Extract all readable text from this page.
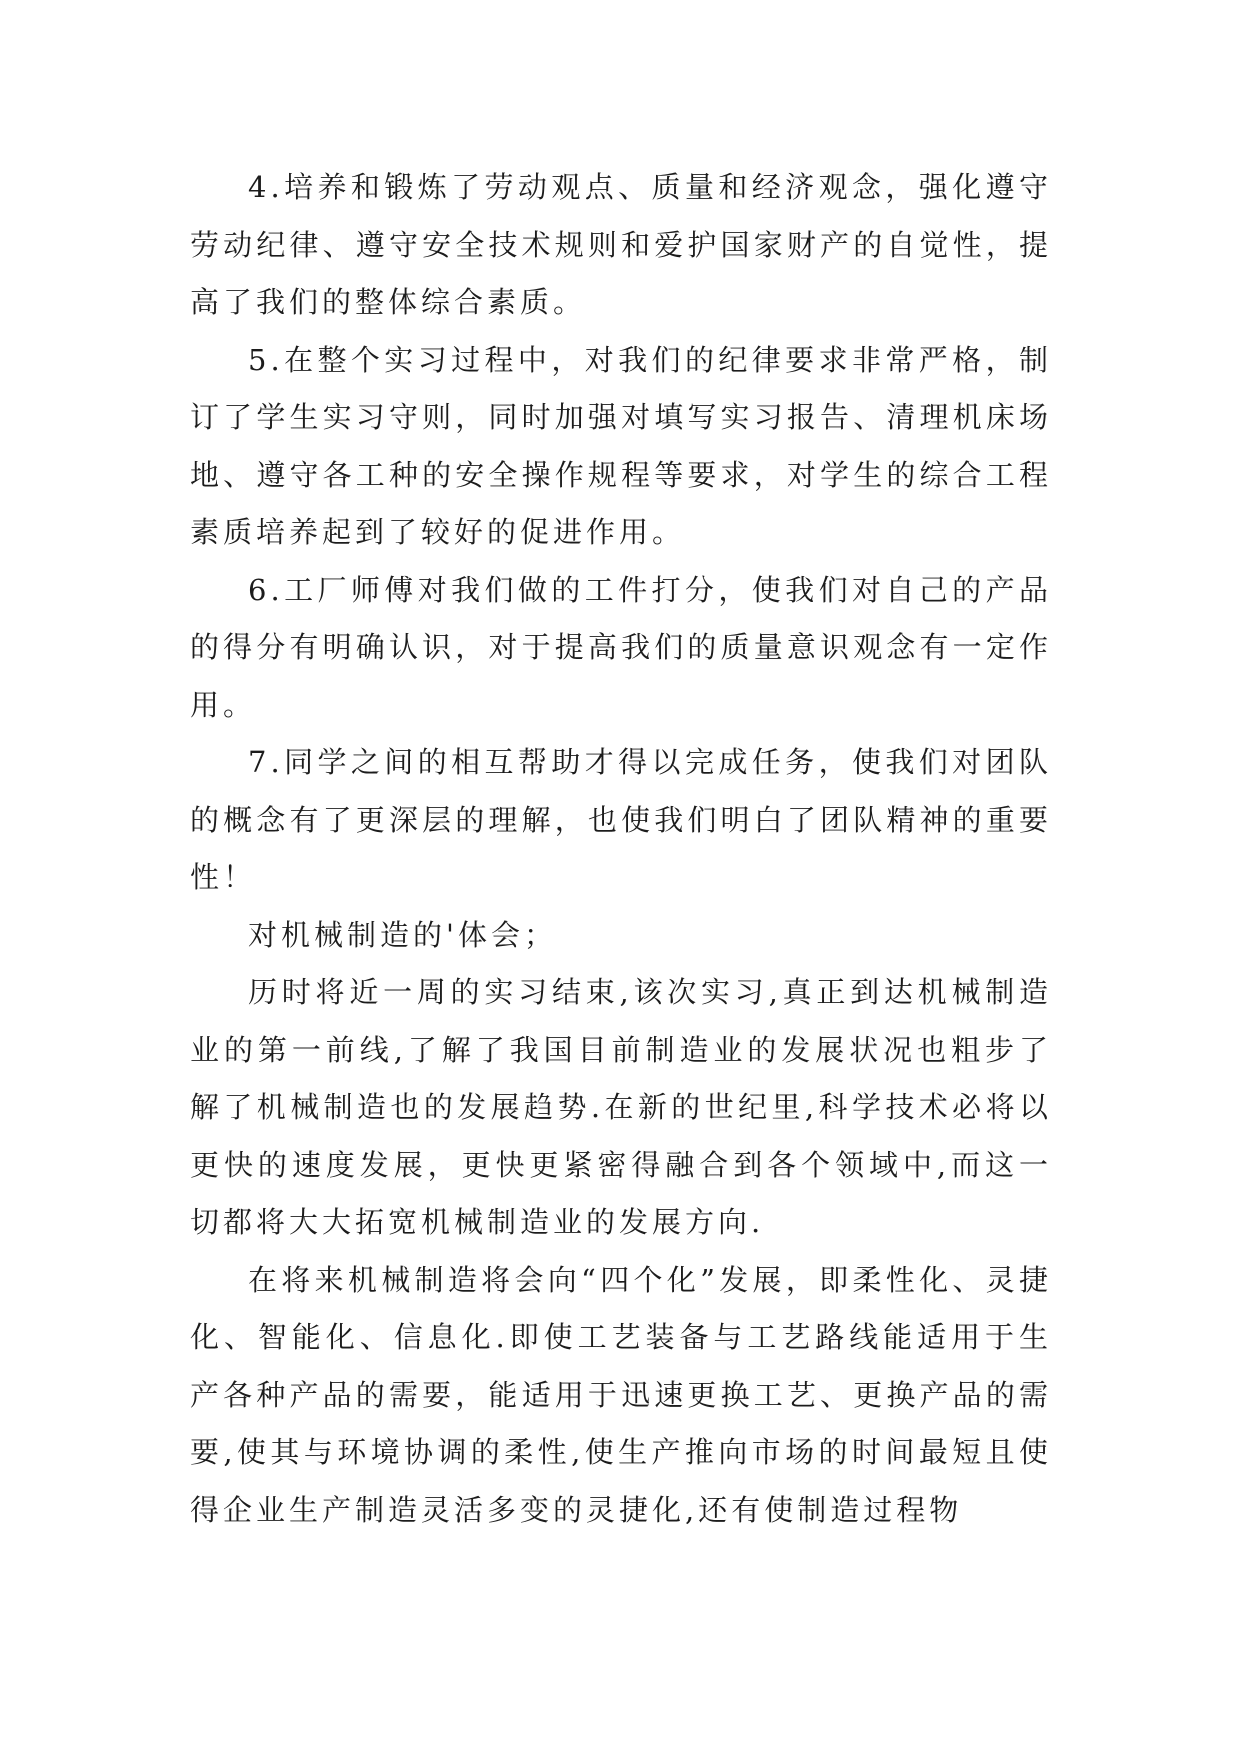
4.培养和锻炼了劳动观点、质量和经济观念，强化遵守劳动纪律、遵守安全技术规则和爱护国家财产的自觉性，提高了我们的整体综合素质。

5.在整个实习过程中，对我们的纪律要求非常严格，制订了学生实习守则，同时加强对填写实习报告、清理机床场地、遵守各工种的安全操作规程等要求，对学生的综合工程素质培养起到了较好的促进作用。

6.工厂师傅对我们做的工件打分，使我们对自己的产品的得分有明确认识，对于提高我们的质量意识观念有一定作用。

7.同学之间的相互帮助才得以完成任务，使我们对团队的概念有了更深层的理解，也使我们明白了团队精神的重要性！

对机械制造的'体会；

历时将近一周的实习结束,该次实习,真正到达机械制造业的第一前线,了解了我国目前制造业的发展状况也粗步了解了机械制造也的发展趋势.在新的世纪里,科学技术必将以更快的速度发展，更快更紧密得融合到各个领域中,而这一切都将大大拓宽机械制造业的发展方向.

在将来机械制造将会向“四个化”发展，即柔性化、灵捷化、智能化、信息化.即使工艺装备与工艺路线能适用于生产各种产品的需要，能适用于迅速更换工艺、更换产品的需要,使其与环境协调的柔性,使生产推向市场的时间最短且使得企业生产制造灵活多变的灵捷化,还有使制造过程物
